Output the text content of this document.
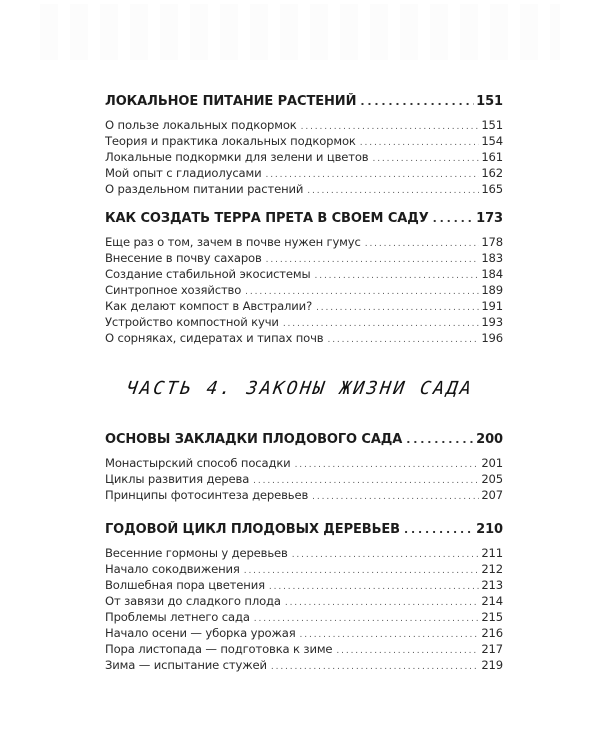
ЛОКАЛЬНОЕ ПИТАНИЕ РАСТЕНИЙ . . .	151
О пользе локальных подкормок . . .	151
Теория и практика локальных подкормок . . .	154
Локальные подкормки для зелени и цветов . . .	161
Мой опыт с гладиолусами . . .	162
О раздельном питании растений . . .	165
КАК СОЗДАТЬ ТЕРРА ПРЕТА В СВОЕМ САДУ . . .	173
Еще раз о том, зачем в почве нужен гумус . . .	178
Внесение в почву сахаров . . .	183
Создание стабильной экосистемы . . .	184
Синтропное хозяйство . . .	189
Как делают компост в Австралии? . . .	191
Устройство компостной кучи . . .	193
О сорняках, сидератах и типах почв . . .	196
ЧАСТЬ 4. ЗАКОНЫ ЖИЗНИ САДА
ОСНОВЫ ЗАКЛАДКИ ПЛОДОВОГО САДА . . .	200
Монастырский способ посадки . . .	201
Циклы развития дерева . . .	205
Принципы фотосинтеза деревьев . . .	207
ГОДОВОЙ ЦИКЛ ПЛОДОВЫХ ДЕРЕВЬЕВ . . .	210
Весенние гормоны у деревьев . . .	211
Начало сокодвижения . . .	212
Волшебная пора цветения . . .	213
От завязи до сладкого плода . . .	214
Проблемы летнего сада . . .	215
Начало осени — уборка урожая . . .	216
Пора листопада — подготовка к зиме . . .	217
Зима — испытание стужей . . .	219
